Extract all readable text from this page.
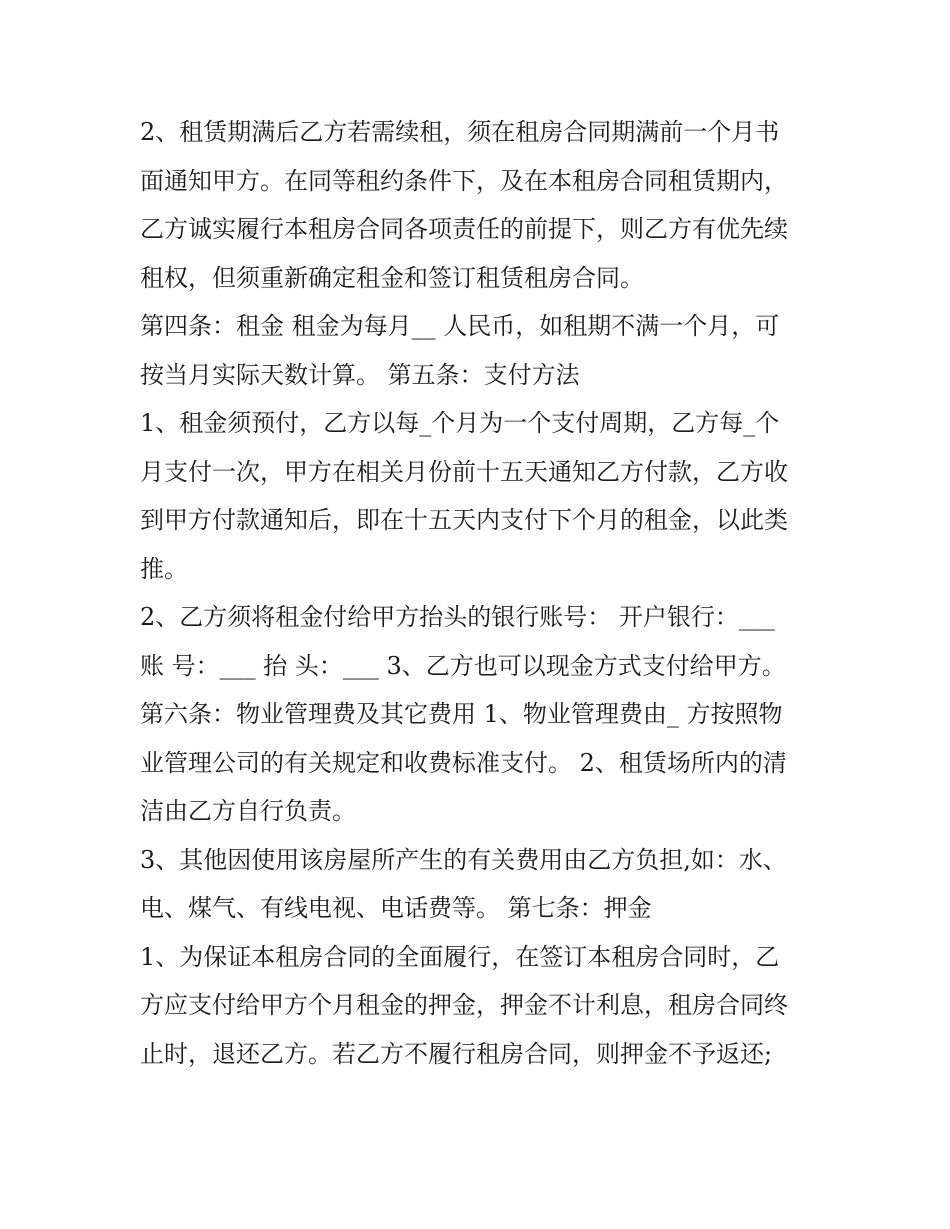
2、租赁期满后乙方若需续租，须在租房合同期满前一个月书
面通知甲方。在同等租约条件下，及在本租房合同租赁期内，
乙方诚实履行本租房合同各项责任的前提下，则乙方有优先续
租权，但须重新确定租金和签订租赁租房合同。
第四条：租金 租金为每月__ 人民币，如租期不满一个月，可
按当月实际天数计算。 第五条：支付方法
1、租金须预付，乙方以每_个月为一个支付周期，乙方每_个
月支付一次，甲方在相关月份前十五天通知乙方付款，乙方收
到甲方付款通知后，即在十五天内支付下个月的租金，以此类
推。
2、乙方须将租金付给甲方抬头的银行账号： 开户银行：___
账 号：___ 抬 头：___ 3、乙方也可以现金方式支付给甲方。
第六条：物业管理费及其它费用 1、物业管理费由_ 方按照物
业管理公司的有关规定和收费标准支付。 2、租赁场所内的清
洁由乙方自行负责。
3、其他因使用该房屋所产生的有关费用由乙方负担,如：水、
电、煤气、有线电视、电话费等。 第七条：押金
1、为保证本租房合同的全面履行，在签订本租房合同时，乙
方应支付给甲方个月租金的押金，押金不计利息，租房合同终
止时，退还乙方。若乙方不履行租房合同，则押金不予返还;
